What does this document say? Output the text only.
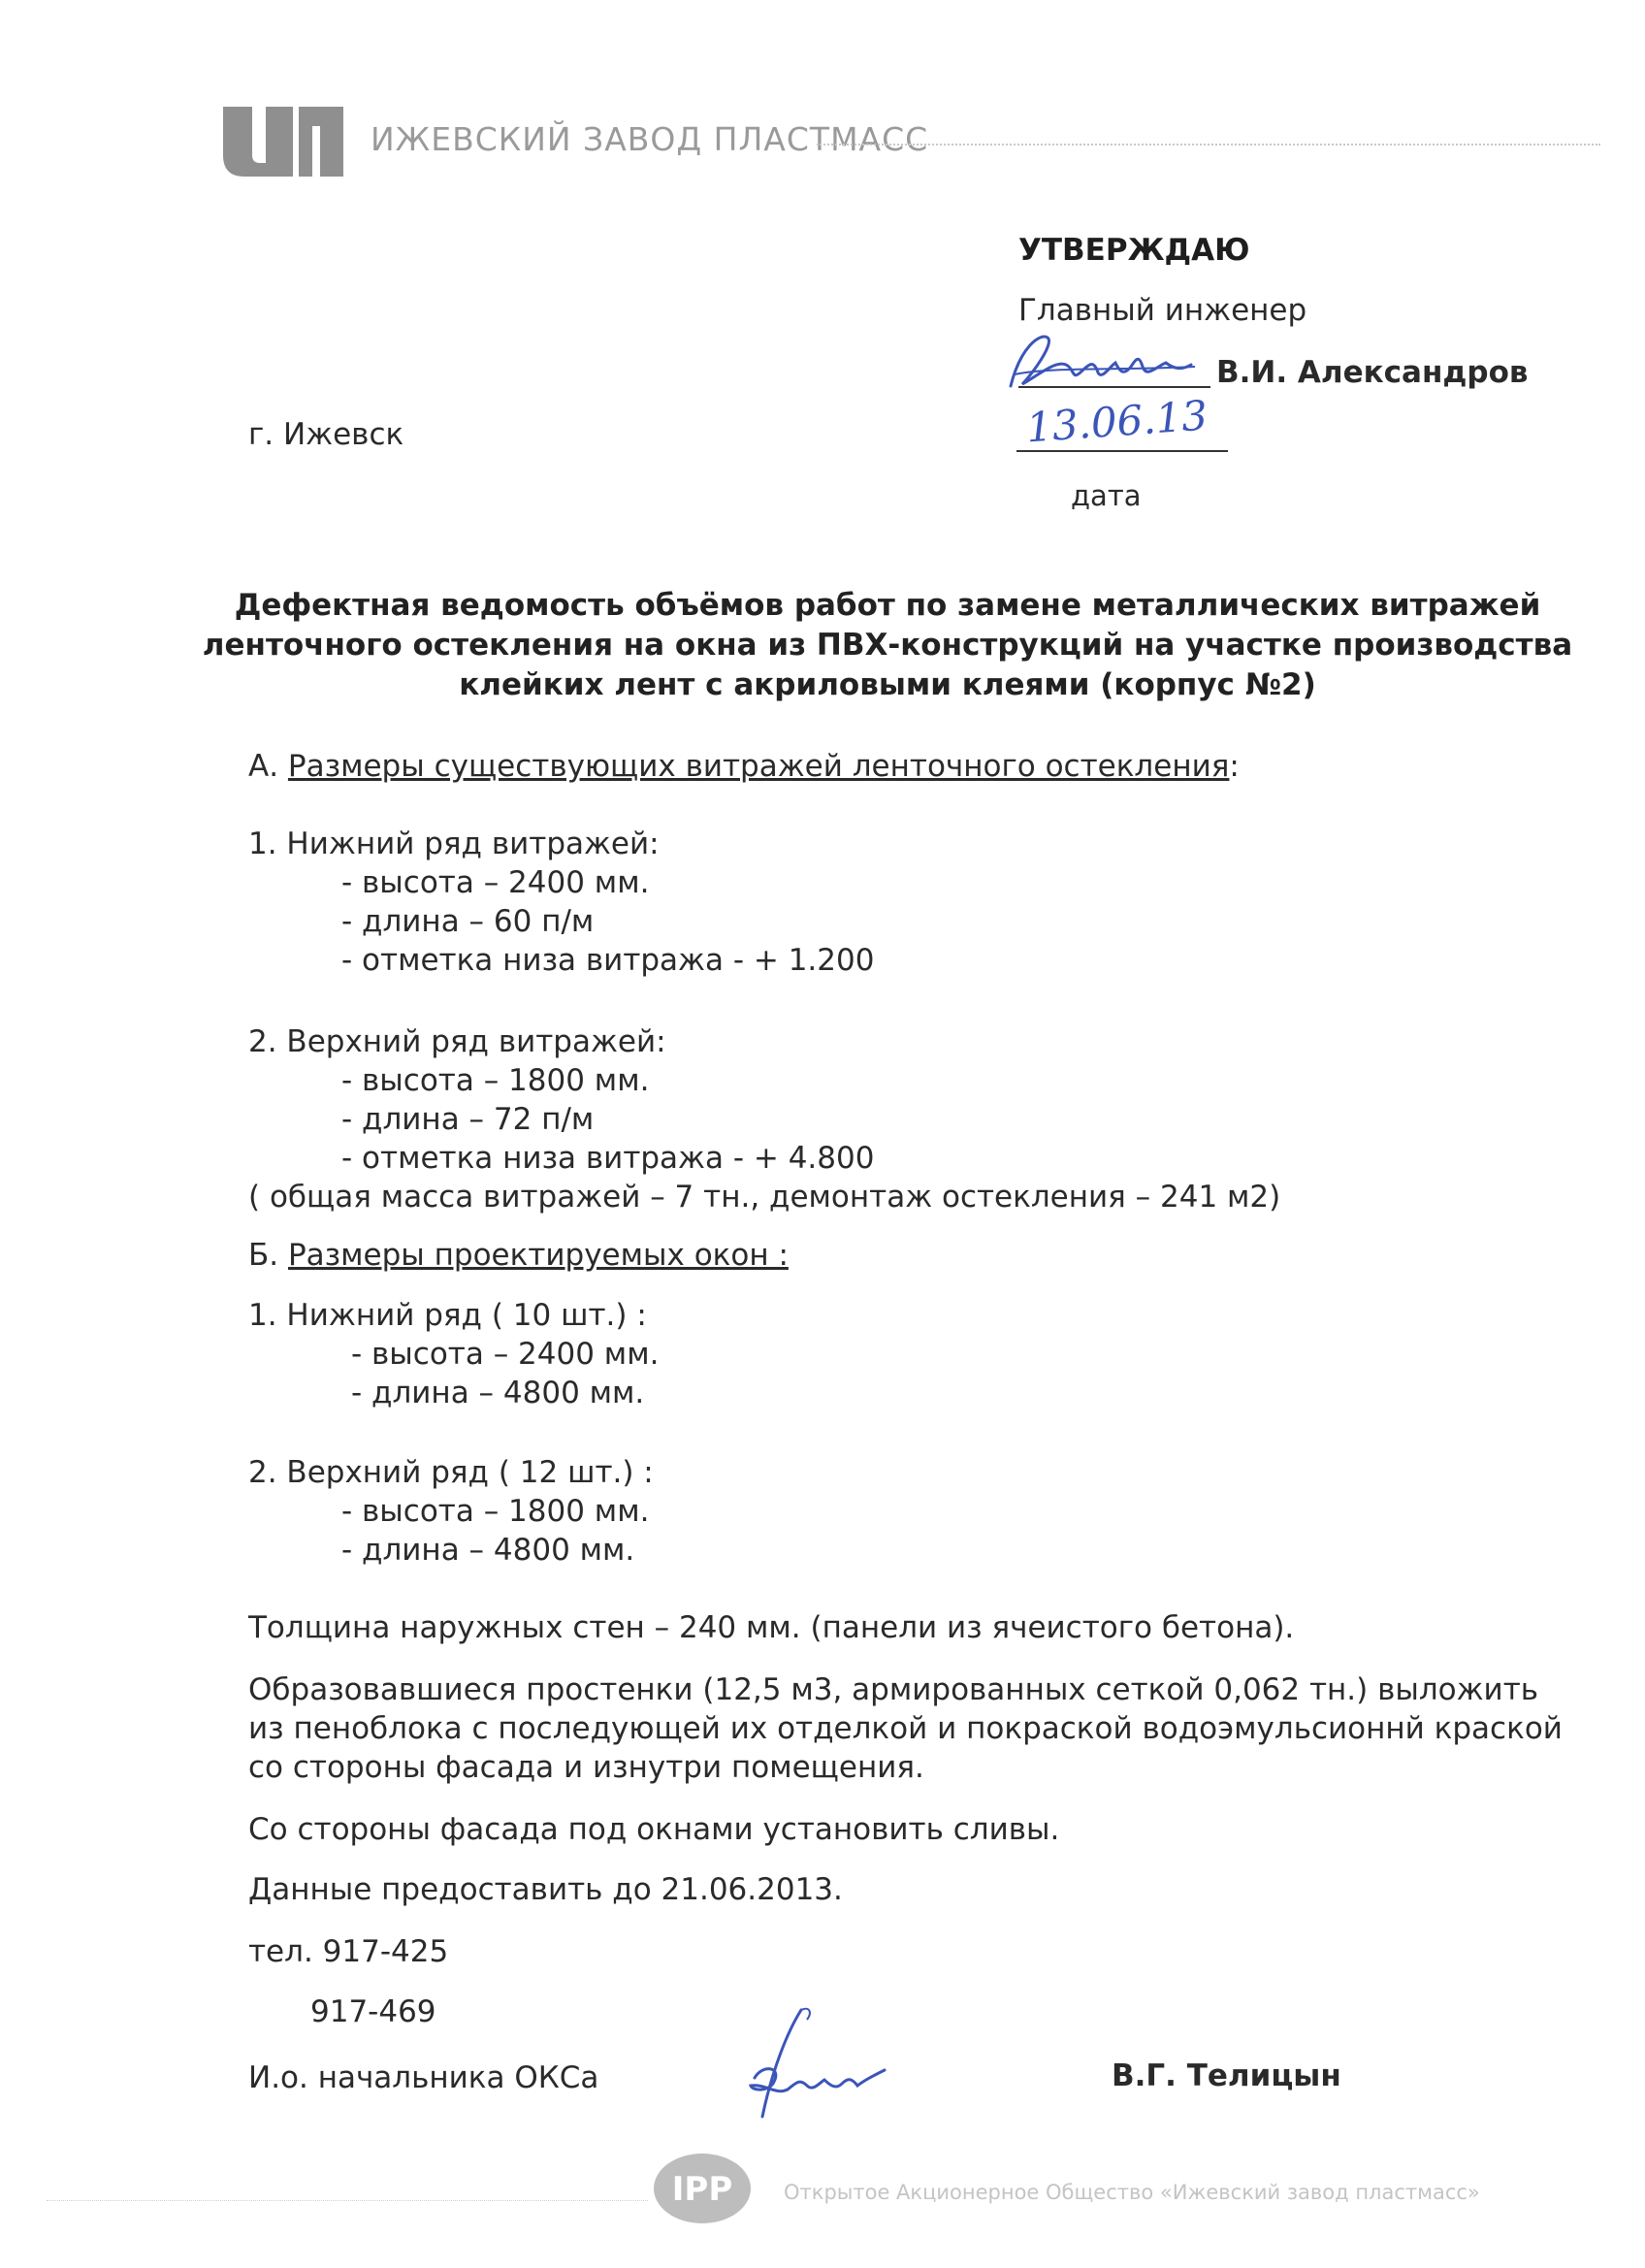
ИЖЕВСКИЙ ЗАВОД ПЛАСТМАСС
УТВЕРЖДАЮ
Главный инженер
В.И. Александров
г. Ижевск	13.06.13
дата
Дефектная ведомость объёмов работ по замене металлических витражей
ленточного остекления на окна из ПВХ-конструкций на участке производства
клейких лент с акриловыми клеями (корпус №2)
А. Размеры существующих витражей ленточного остекления:
1. Нижний ряд витражей:
- высота – 2400 мм.
- длина – 60 п/м
- отметка низа витража - + 1.200
2. Верхний ряд витражей:
- высота – 1800 мм.
- длина – 72 п/м
- отметка низа витража - + 4.800
( общая масса витражей – 7 тн., демонтаж остекления – 241 м2)
Б. Размеры проектируемых окон :
1. Нижний ряд ( 10 шт.) :
- высота – 2400 мм.
- длина – 4800 мм.
2. Верхний ряд ( 12 шт.) :
- высота – 1800 мм.
- длина – 4800 мм.
Толщина наружных стен – 240 мм. (панели из ячеистого бетона).
Образовавшиеся простенки (12,5 м3, армированных сеткой 0,062 тн.) выложить
из пеноблока с последующей их отделкой и покраской водоэмульсионнй краской
со стороны фасада и изнутри помещения.
Со стороны фасада под окнами установить сливы.
Данные предоставить до 21.06.2013.
тел. 917-425
917-469
И.о. начальника ОКСа	В.Г. Телицын
IPP	Открытое Акционерное Общество «Ижевский завод пластмасс»
